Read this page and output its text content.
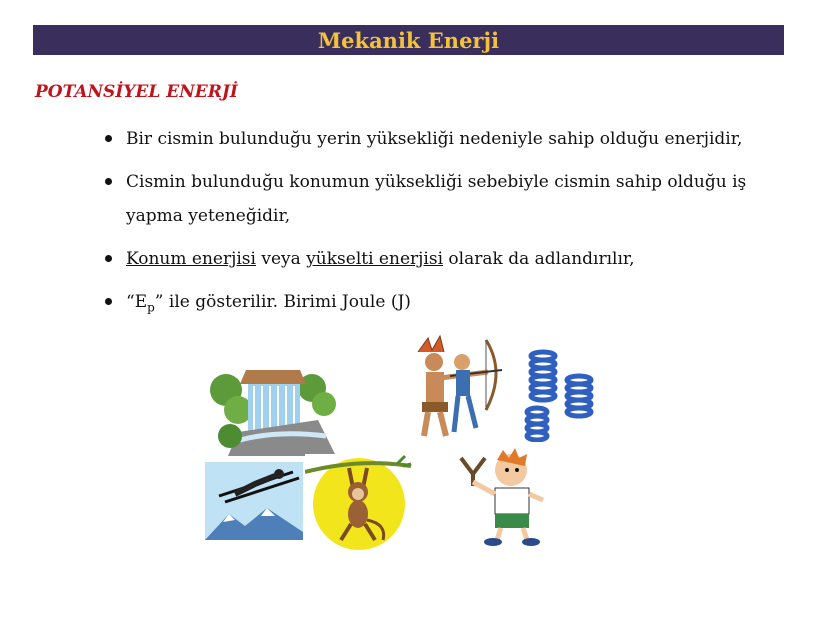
Mekanik Enerji
POTANSİYEL ENERJİ
Bir cismin bulunduğu yerin yüksekliği nedeniyle sahip olduğu enerjidir,
Cismin bulunduğu konumun yüksekliği sebebiyle cismin sahip olduğu iş yapma yeteneğidir,
Konum enerjisi veya yükselti enerjisi olarak da adlandırılır,
“$E_p$” ile gösterilir. Birimi Joule (J)
